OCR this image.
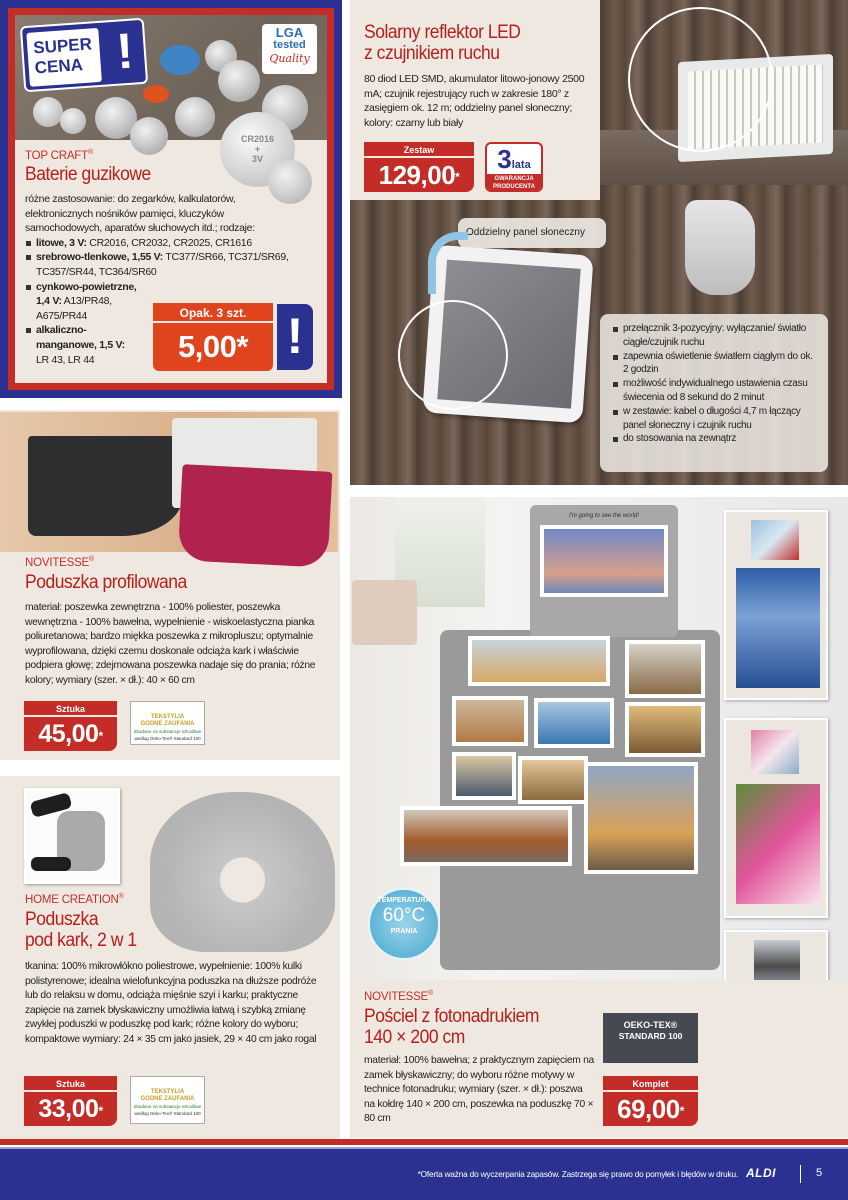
CR2016
+
3V
SUPER
CENA !	LGA
tested
Quality
TOP CRAFT®
Baterie guzikowe
różne zastosowanie: do zegarków, kalkulatorów, elektronicznych nośników pamięci, kluczyków samochodowych, aparatów słuchowych itd.; rodzaje:
litowe, 3 V: CR2016, CR2032, CR2025, CR1616
srebrowo-tlenkowe, 1,55 V: TC377/SR66, TC371/SR69, TC357/SR44, TC364/SR60
cynkowo-powietrzne, 1,4 V: A13/PR48, A675/PR44
alkaliczno-manganowe, 1,5 V: LR 43, LR 44
Opak. 3 szt.
5,00* !
Solarny reflektor LED
z czujnikiem ruchu
80 diod LED SMD, akumulator litowo-jonowy 2500 mA; czujnik rejestrujący ruch w zakresie 180° z zasięgiem ok. 12 m; oddzielny panel słoneczny; kolory: czarny lub biały
Zestaw
129,00*
3lata
GWARANCJA
PRODUCENTA
Oddzielny panel słoneczny
przełącznik 3-pozycyjny: wyłączanie/ światło ciągłe/czujnik ruchu
zapewnia oświetlenie światłem ciągłym do ok. 2 godzin
możliwość indywidualnego ustawienia czasu świecenia od 8 sekund do 2 minut
w zestawie: kabel o długości 4,7 m łączący panel słoneczny i czujnik ruchu
do stosowania na zewnątrz
NOVITESSE®
Poduszka profilowana
materiał: poszewka zewnętrzna - 100% poliester, poszewka wewnętrzna - 100% bawełna, wypełnienie - wiskoelastyczna pianka poliuretanowa; bardzo miękka poszewka z mikropluszu; optymalnie wyprofilowana, dzięki czemu doskonale odciąża kark i właściwie podpiera głowę; zdejmowana poszewka nadaje się do prania; różne kolory; wymiary (szer. × dł.): 40 × 60 cm
Sztuka
45,00*
TEKSTYLIA
GODNE ZAUFANIA
Zbadane na substancje szkodliwe
według Oeko-Tex® Standard 100
HOME CREATION®
Poduszka
pod kark, 2 w 1
tkanina: 100% mikrowłókno poliestrowe, wypełnienie: 100% kulki polistyrenowe; idealna wielofunkcyjna poduszka na dłuższe podróże lub do relaksu w domu, odciąża mięśnie szyi i karku; praktyczne zapięcie na zamek błyskawiczny umożliwia łatwą i szybką zmianę zwykłej poduszki w poduszkę pod kark; różne kolory do wyboru; kompaktowe wymiary: 24 × 35 cm jako jasiek, 29 × 40 cm jako rogal
Sztuka
33,00*
TEKSTYLIA
GODNE ZAUFANIA
Zbadane na substancje szkodliwe
według Oeko-Tex® Standard 100
I'm going to see the world!
TEMPERATURA
60°C
PRANIA
NOVITESSE®
Pościel z fotonadrukiem
140 × 200 cm
materiał: 100% bawełna; z praktycznym zapięciem na zamek błyskawiczny; do wyboru różne motywy w technice fotonadruku; wymiary (szer. × dł.): poszwa na kołdrę 140 × 200 cm, poszewka na poduszkę 70 × 80 cm
OEKO-TEX®
STANDARD 100
Komplet
69,00*
*Oferta ważna do wyczerpania zapasów. Zastrzega się prawo do pomyłek i błędów w druku. ALDI	5
